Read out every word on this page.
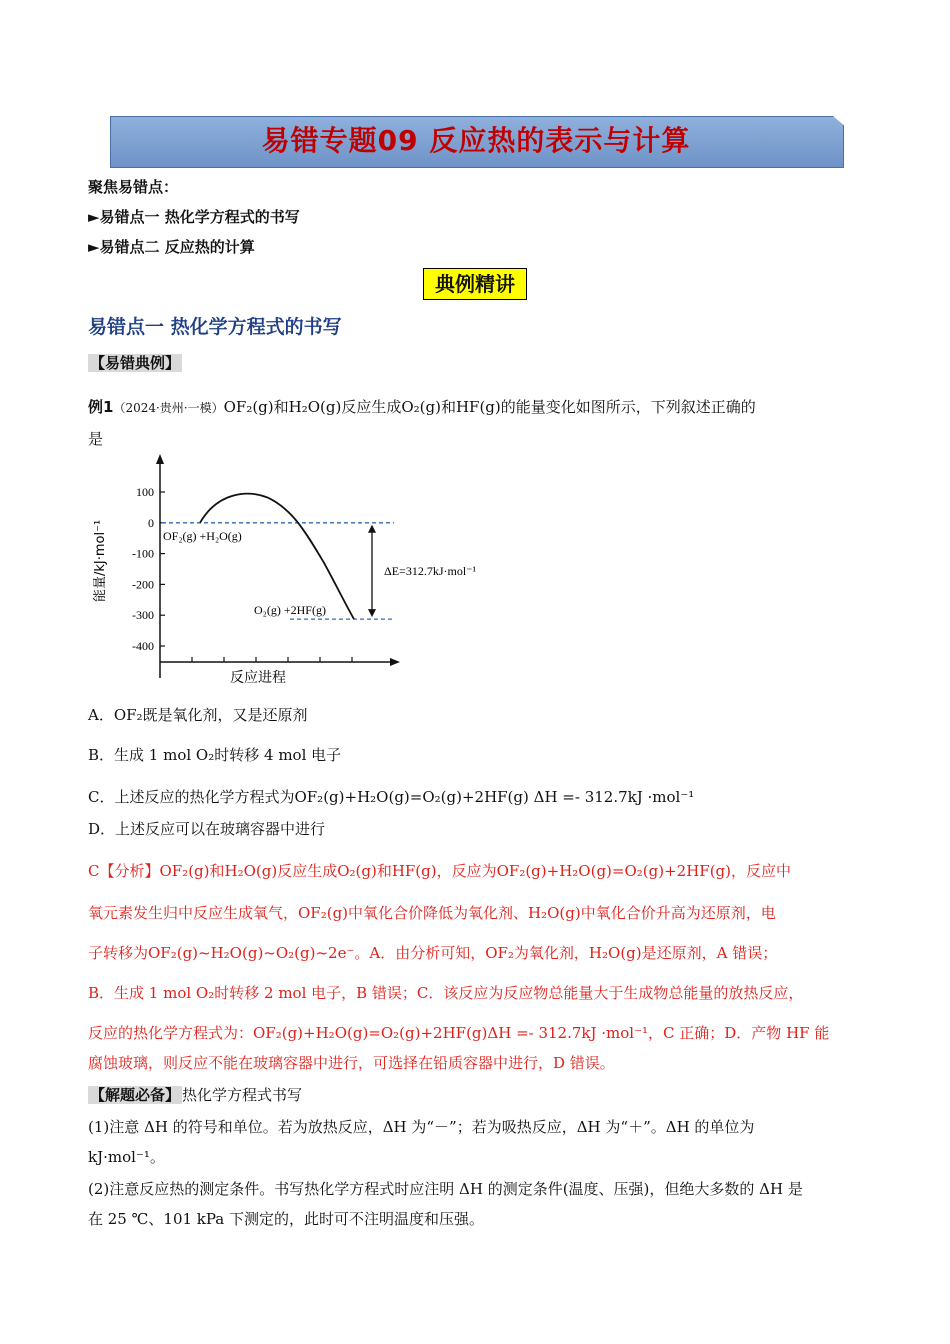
易错专题09 反应热的表示与计算
聚焦易错点：
►易错点一 热化学方程式的书写
►易错点二 反应热的计算
典例精讲
易错点一 热化学方程式的书写
【易错典例】
例1（2024·贵州·一模）OF₂(g)和H₂O(g)反应生成O₂(g)和HF(g)的能量变化如图所示，下列叙述正确的
是
100
0
-100
-200
-300
-400
OF₂(g) +H₂O(g)
O₂(g) +2HF(g)
ΔE=312.7kJ·mol⁻¹
反应进程
能量/kJ·mol⁻¹
A．OF₂既是氧化剂，又是还原剂
B．生成 1 mol O₂时转移 4 mol 电子
C．上述反应的热化学方程式为OF₂(g)+H₂O(g)=O₂(g)+2HF(g) ΔH =- 312.7kJ ·mol⁻¹
D．上述反应可以在玻璃容器中进行
C【分析】OF₂(g)和H₂O(g)反应生成O₂(g)和HF(g)，反应为OF₂(g)+H₂O(g)=O₂(g)+2HF(g)，反应中
氧元素发生归中反应生成氧气，OF₂(g)中氧化合价降低为氧化剂、H₂O(g)中氧化合价升高为还原剂，电
子转移为OF₂(g)~H₂O(g)~O₂(g)~2e⁻。A．由分析可知，OF₂为氧化剂，H₂O(g)是还原剂，A 错误；
B．生成 1 mol O₂时转移 2 mol 电子，B 错误；C．该反应为反应物总能量大于生成物总能量的放热反应，
反应的热化学方程式为：OF₂(g)+H₂O(g)=O₂(g)+2HF(g)ΔH =- 312.7kJ ·mol⁻¹，C 正确；D．产物 HF 能
腐蚀玻璃，则反应不能在玻璃容器中进行，可选择在铅质容器中进行，D 错误。
【解题必备】 热化学方程式书写
(1)注意 ΔH 的符号和单位。若为放热反应，ΔH 为“－”；若为吸热反应，ΔH 为“＋”。ΔH 的单位为
kJ·mol⁻¹。
(2)注意反应热的测定条件。书写热化学方程式时应注明 ΔH 的测定条件(温度、压强)，但绝大多数的 ΔH 是
在 25 ℃、101 kPa 下测定的，此时可不注明温度和压强。
